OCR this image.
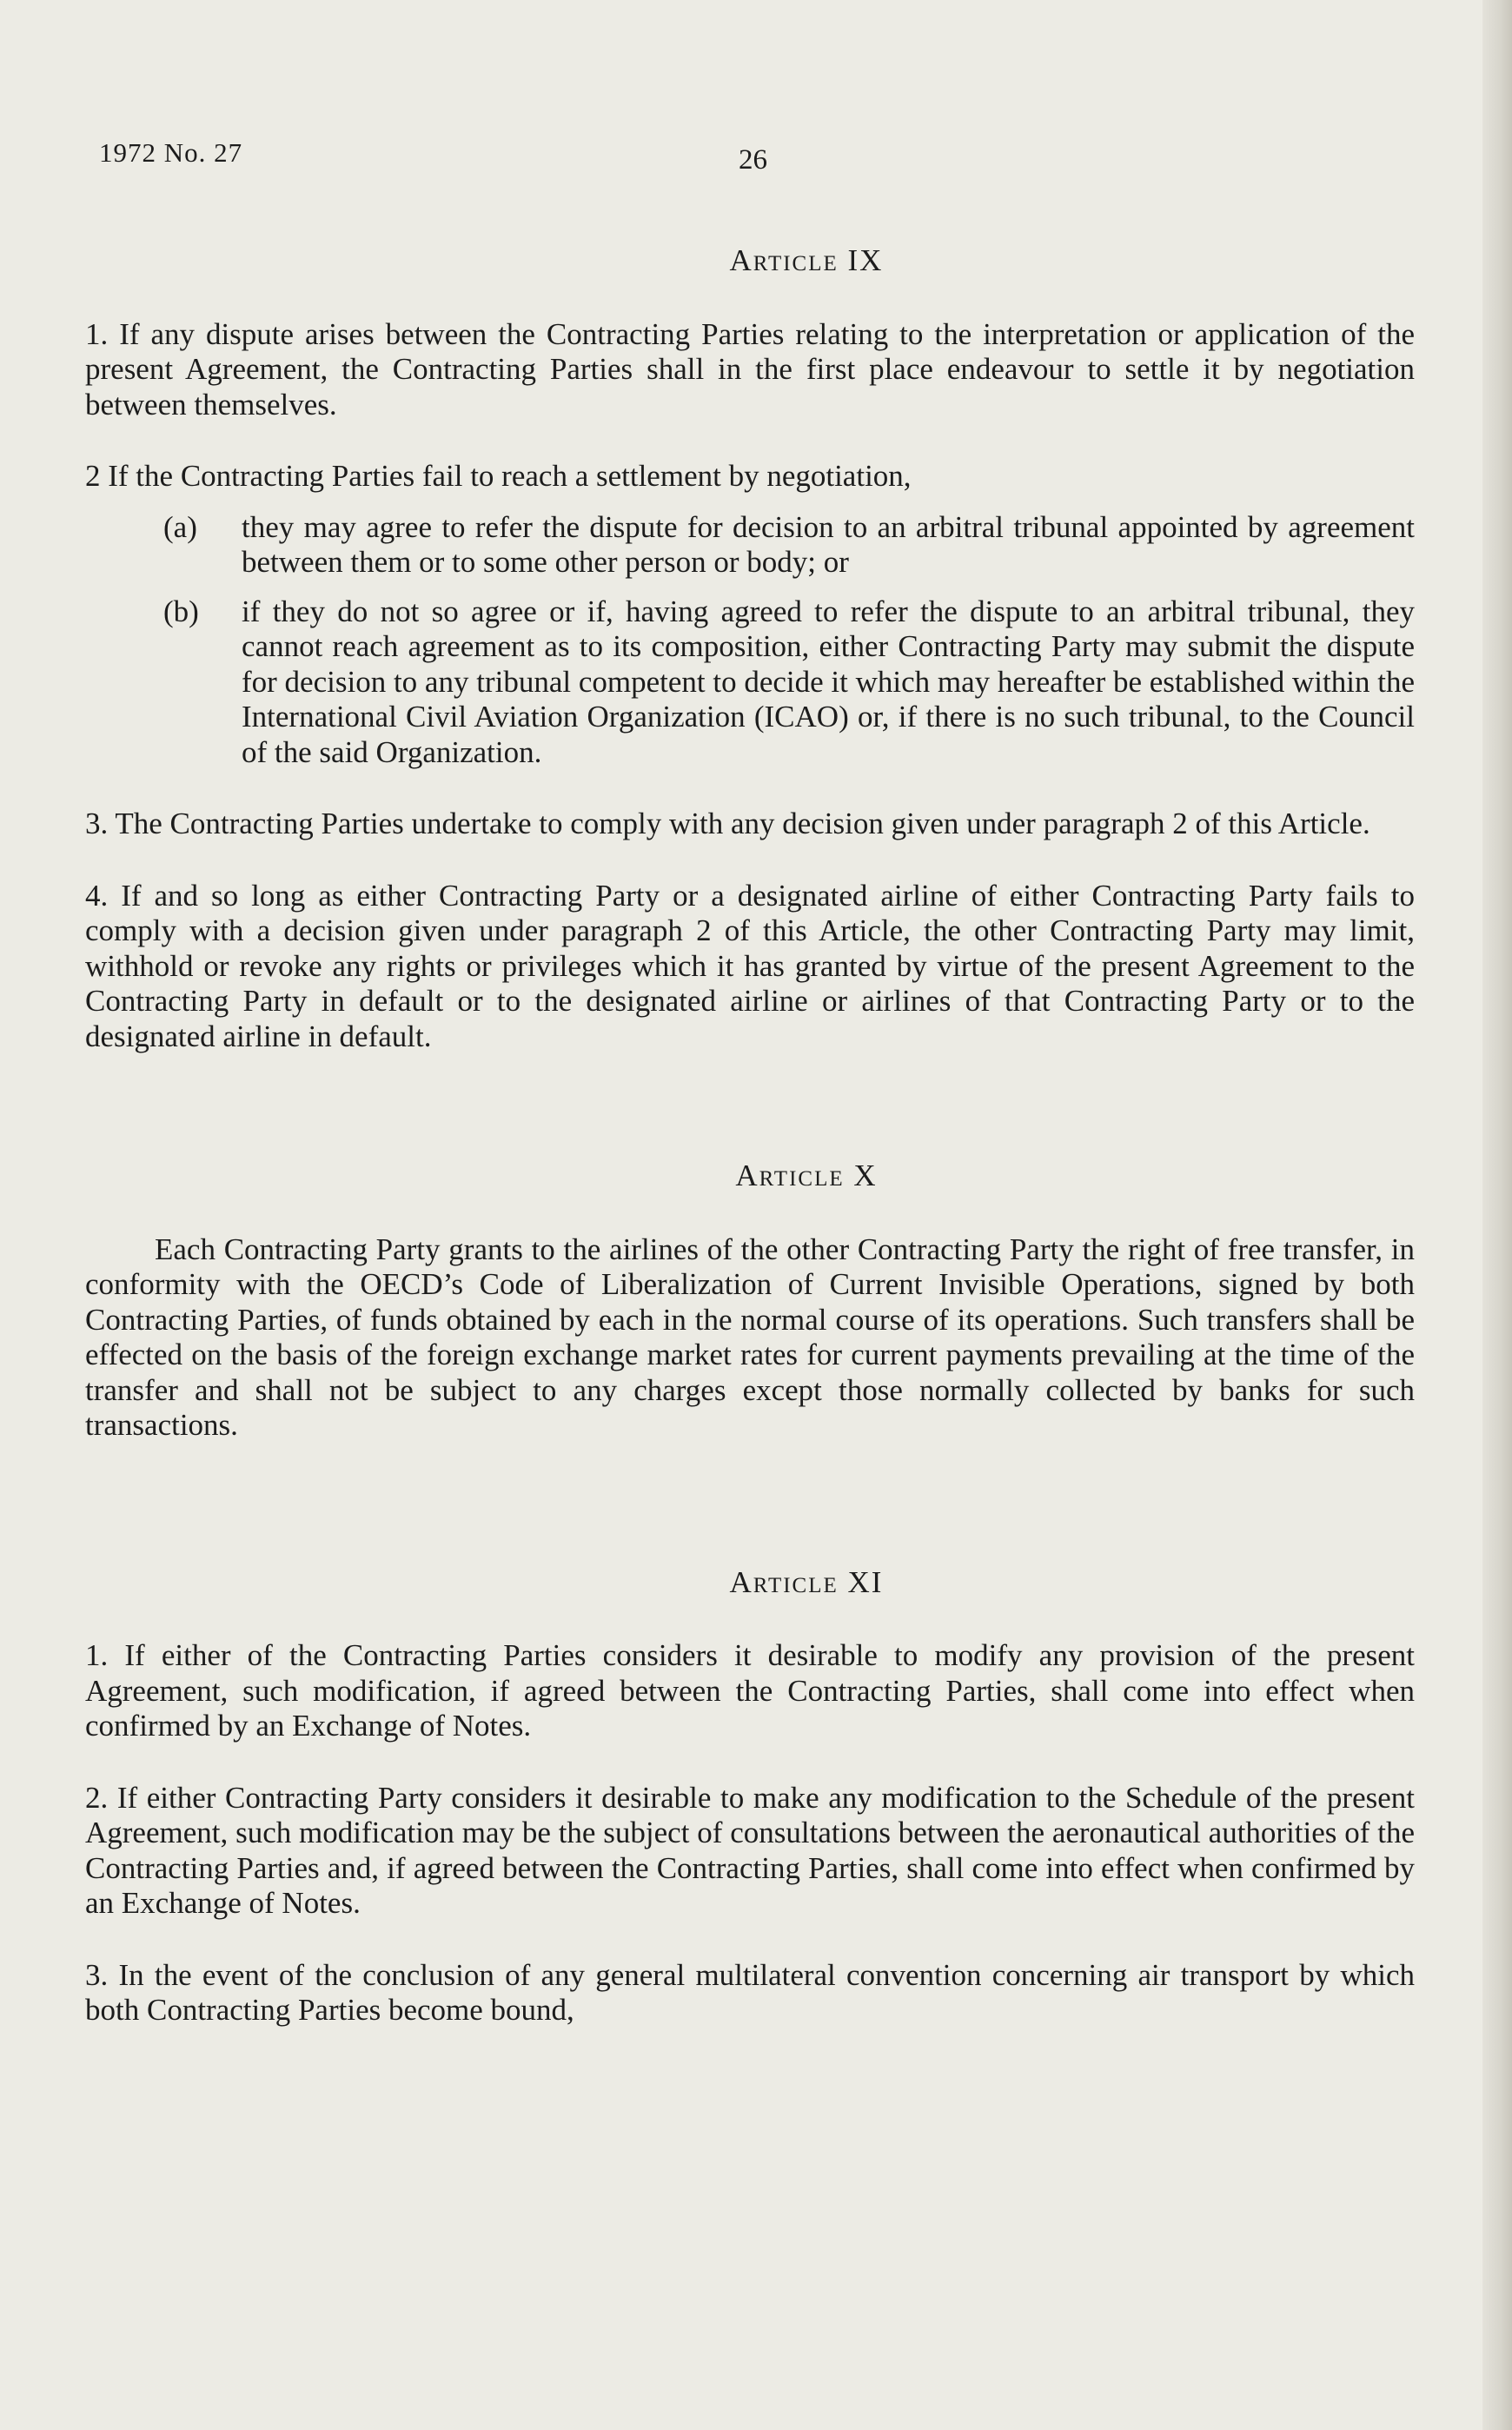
1972 No. 27	26
Article IX

1. If any dispute arises between the Contracting Parties relating to the interpretation or application of the present Agreement, the Contracting Parties shall in the first place endeavour to settle it by negotiation between themselves.

2 If the Contracting Parties fail to reach a settlement by negotiation,

(a)	they may agree to refer the dispute for decision to an arbitral tribunal appointed by agreement between them or to some other person or body; or
(b)	if they do not so agree or if, having agreed to refer the dispute to an arbitral tribunal, they cannot reach agreement as to its composition, either Contracting Party may submit the dispute for decision to any tribunal competent to decide it which may hereafter be established within the International Civil Aviation Organization (ICAO) or, if there is no such tribunal, to the Council of the said Organization.

3. The Contracting Parties undertake to comply with any decision given under paragraph 2 of this Article.

4. If and so long as either Contracting Party or a designated airline of either Contracting Party fails to comply with a decision given under paragraph 2 of this Article, the other Contracting Party may limit, withhold or revoke any rights or privileges which it has granted by virtue of the present Agreement to the Contracting Party in default or to the designated airline or airlines of that Contracting Party or to the designated airline in default.

Article X

Each Contracting Party grants to the airlines of the other Contracting Party the right of free transfer, in conformity with the OECD’s Code of Liberalization of Current Invisible Operations, signed by both Contracting Parties, of funds obtained by each in the normal course of its operations. Such transfers shall be effected on the basis of the foreign exchange market rates for current payments prevailing at the time of the transfer and shall not be subject to any charges except those normally collected by banks for such transactions.

Article XI

1. If either of the Contracting Parties considers it desirable to modify any provision of the present Agreement, such modification, if agreed between the Contracting Parties, shall come into effect when confirmed by an Exchange of Notes.

2. If either Contracting Party considers it desirable to make any modification to the Schedule of the present Agreement, such modification may be the subject of consultations between the aeronautical authorities of the Contracting Parties and, if agreed between the Contracting Parties, shall come into effect when confirmed by an Exchange of Notes.

3. In the event of the conclusion of any general multilateral convention concerning air transport by which both Contracting Parties become bound,
